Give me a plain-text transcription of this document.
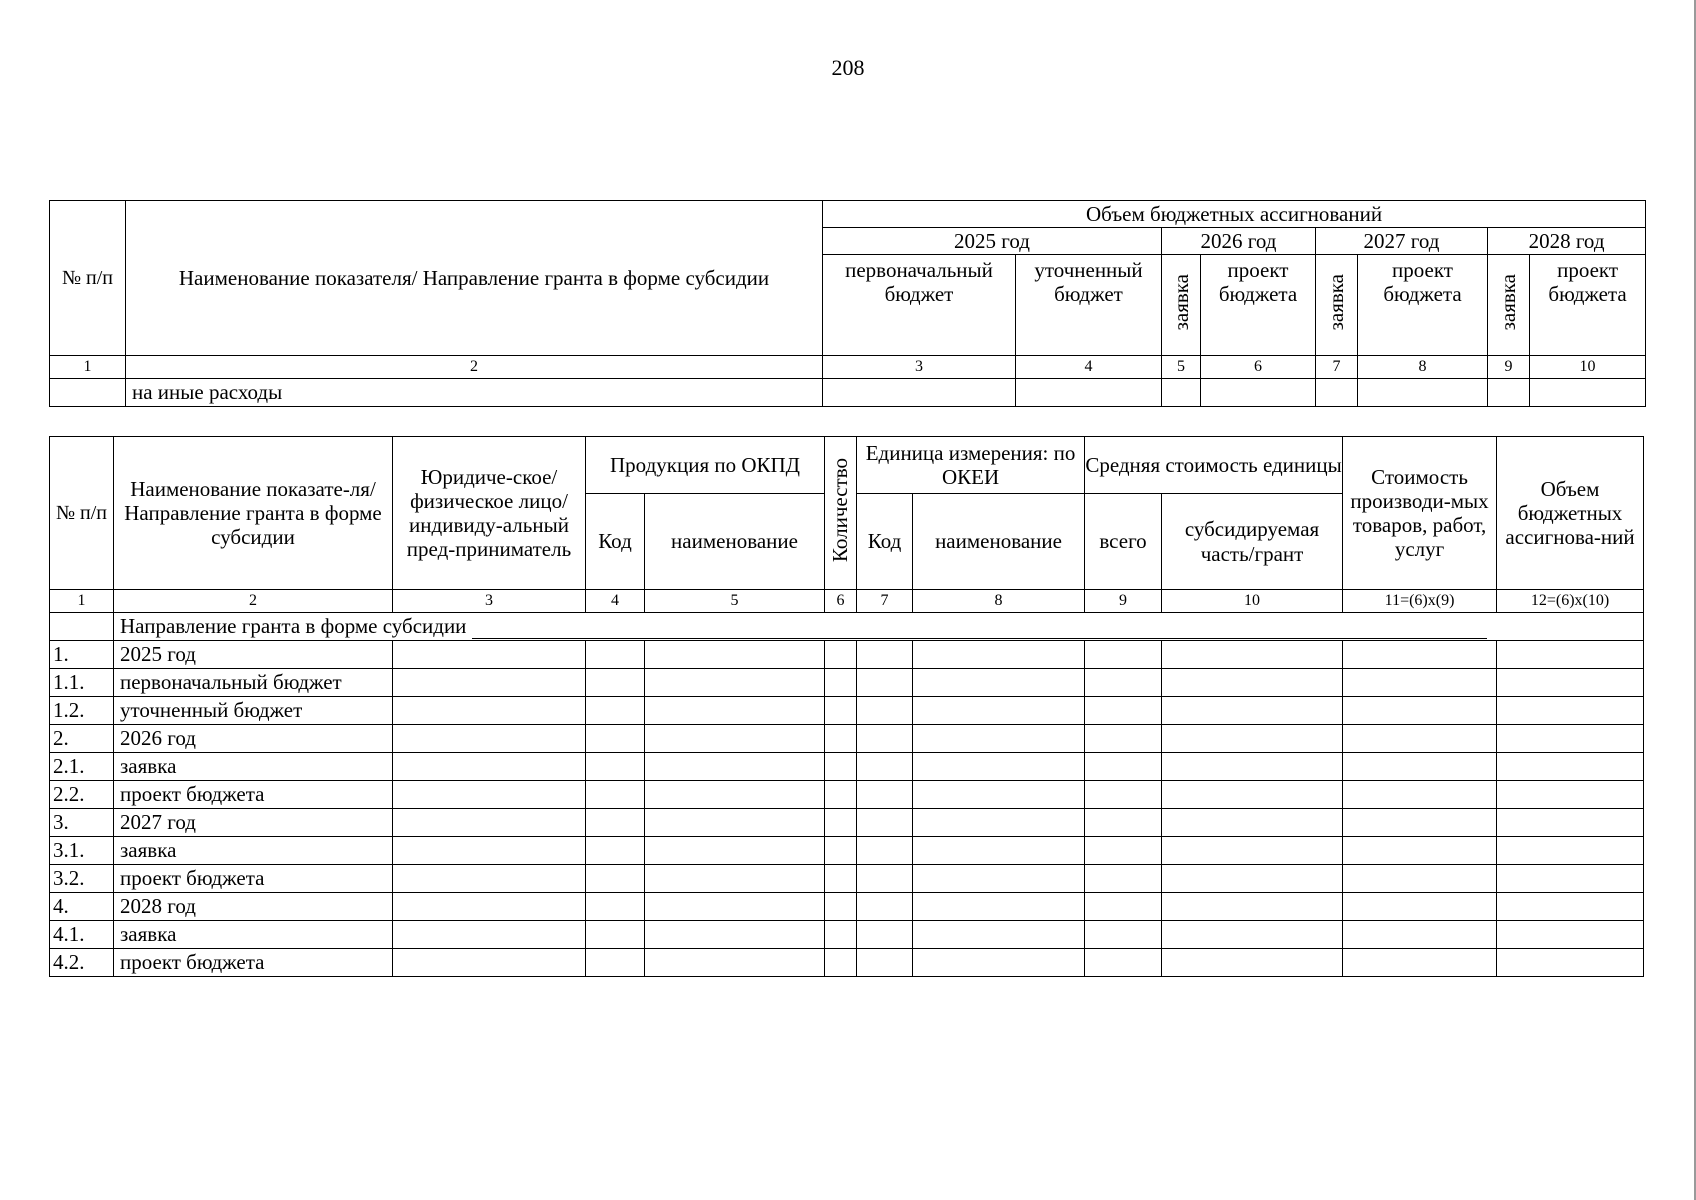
208
№ п/п	Наименование показателя/ Направление гранта в форме субсидии	Объем бюджетных ассигнований							
		2025 год		2026 год		2027 год		2028 год	
		первоначальный бюджет	уточненный бюджет	заявка	проект бюджета	заявка	проект бюджета	заявка	проект бюджета
1	2	3	4	5	6	7	8	9	10
	на иные расходы								
№ п/п	Наименование показате-ля/ Направление гранта в форме субсидии	Юридиче-ское/физическое лицо/ индивиду-альный пред-приниматель	Продукция по ОКПД		Количество	Единица измерения: по ОКЕИ		Средняя стоимость единицы		Стоимость производи-мых товаров, работ, услуг	Объем бюджетных ассигнова-ний
			Код	наименование		Код	наименование	всего	субсидируемая часть/грант		
1	2	3	4	5	6	7	8	9	10	11=(6)x(9)	12=(6)x(10)
	Направление гранта в форме субсидии										
1.	2025 год										
1.1.	первоначальный бюджет										
1.2.	уточненный бюджет										
2.	2026 год										
2.1.	заявка										
2.2.	проект бюджета										
3.	2027 год										
3.1.	заявка										
3.2.	проект бюджета										
4.	2028 год										
4.1.	заявка										
4.2.	проект бюджета										
